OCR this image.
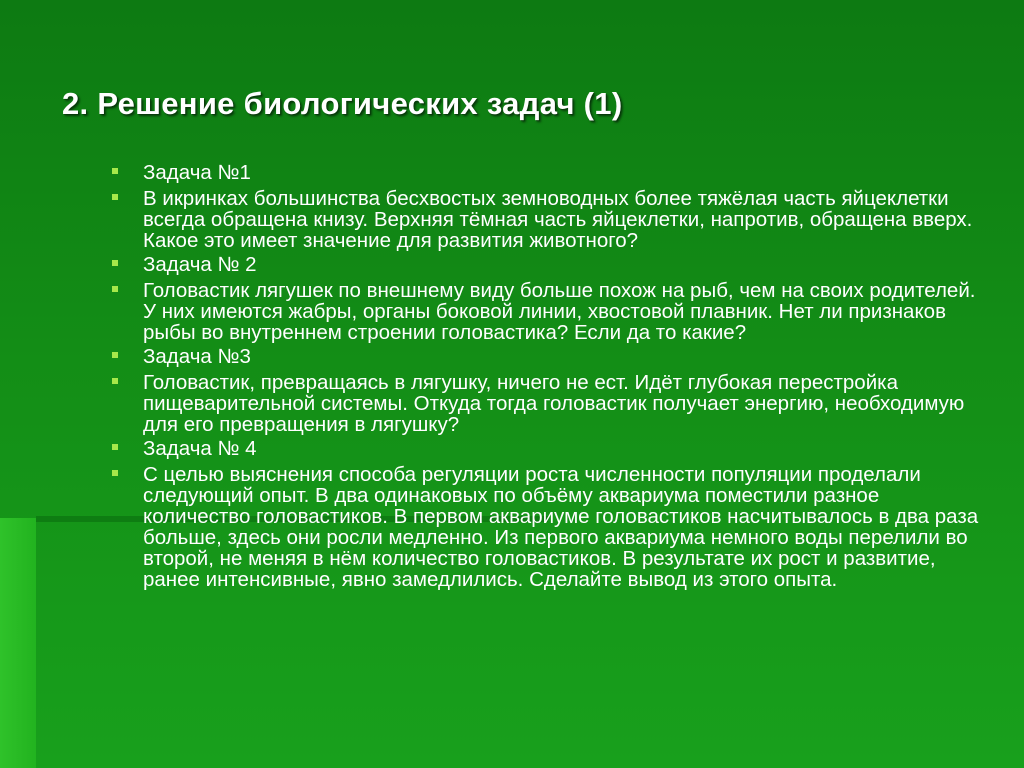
2. Решение биологических задач (1)
Задача №1
В икринках большинства бесхвостых земноводных более тяжёлая часть яйцеклетки всегда обращена книзу. Верхняя тёмная часть яйцеклетки, напротив, обращена вверх. Какое это имеет значение для развития животного?
Задача № 2
Головастик лягушек по внешнему виду больше похож на рыб, чем на своих родителей. У них имеются жабры, органы боковой линии, хвостовой плавник. Нет ли признаков рыбы во внутреннем строении головастика? Если да то какие?
Задача №3
Головастик, превращаясь в лягушку, ничего не ест. Идёт глубокая перестройка пищеварительной системы. Откуда тогда головастик получает энергию, необходимую для его превращения в лягушку?
Задача № 4
С целью выяснения способа регуляции роста численности популяции проделали следующий опыт. В два одинаковых по объёму аквариума поместили разное количество головастиков. В первом аквариуме головастиков насчитывалось в два раза больше, здесь они росли медленно. Из первого аквариума немного воды перелили во второй, не меняя в нём количество головастиков. В результате их рост и развитие, ранее интенсивные, явно замедлились. Сделайте вывод из этого опыта.
